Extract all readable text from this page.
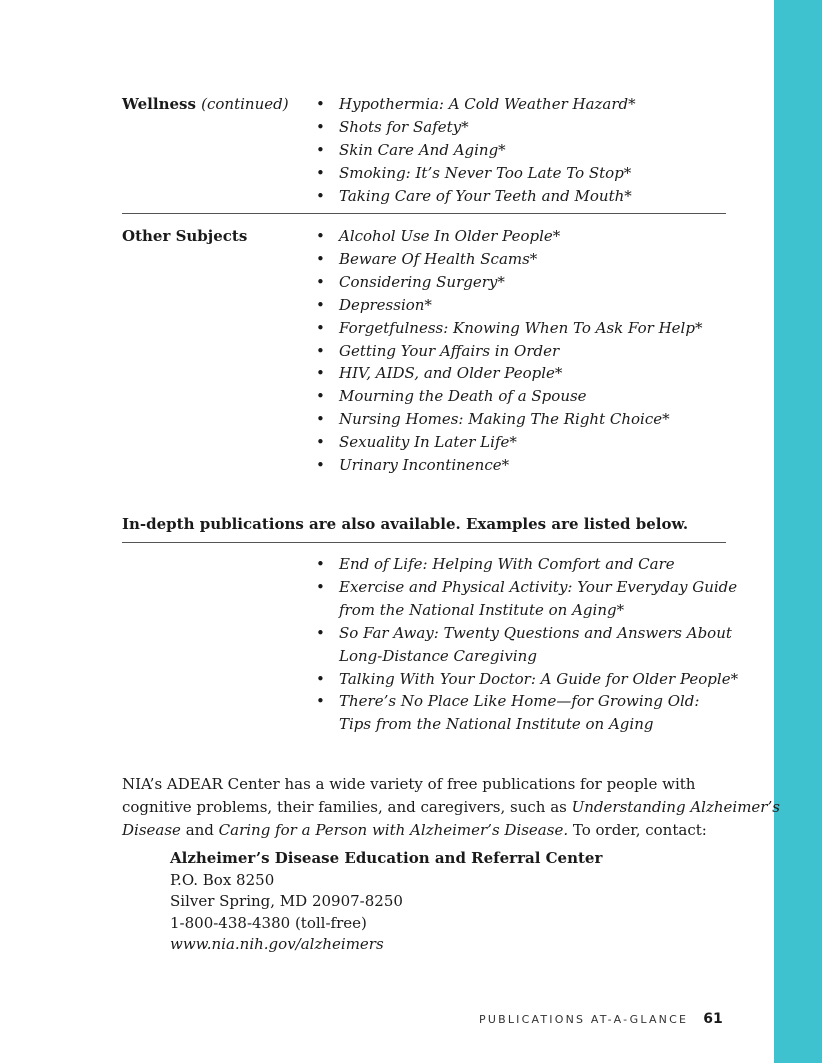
Wellness (continued) • Hypothermia: A Cold Weather Hazard*
• Shots for Safety*
• Skin Care And Aging*
• Smoking: It’s Never Too Late To Stop*
• Taking Care of Your Teeth and Mouth*
Other Subjects	• Alcohol Use In Older People*
• Beware Of Health Scams*
• Considering Surgery*
• Depression*
• Forgetfulness: Knowing When To Ask For Help*
• Getting Your Affairs in Order
• HIV, AIDS, and Older People*
• Mourning the Death of a Spouse
• Nursing Homes: Making The Right Choice*
• Sexuality In Later Life*
• Urinary Incontinence*
In-depth publications are also available. Examples are listed below.
• End of Life: Helping With Comfort and Care
• Exercise and Physical Activity: Your Everyday Guide
from the National Institute on Aging*
• So Far Away: Twenty Questions and Answers About
Long-Distance Caregiving
• Talking With Your Doctor: A Guide for Older People*
• There’s No Place Like Home—for Growing Old:
Tips from the National Institute on Aging

NIA’s ADEAR Center has a wide variety of free publications for people with

cognitive problems, their families, and caregivers, such as Understanding Alzheimer’s

Disease and Caring for a Person with Alzheimer’s Disease. To order, contact:

Alzheimer’s Disease Education and Referral Center
P.O. Box 8250
Silver Spring, MD 20907-8250
1-800-438-4380 (toll-free)
www.nia.nih.gov/alzheimers
PUBLICATIONS AT-A-GLANCE 61
